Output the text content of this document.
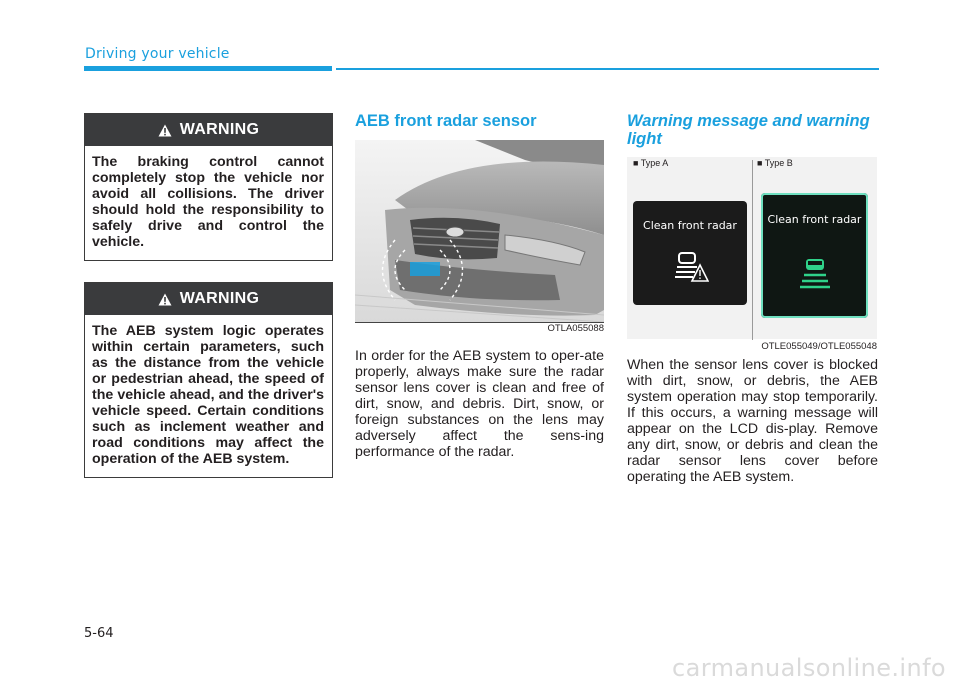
Driving your vehicle
WARNING
The braking control cannot completely stop the vehicle nor avoid all collisions. The driver should hold the responsibility to safely drive and control the vehicle.
WARNING
The AEB system logic operates within certain parameters, such as the distance from the vehicle or pedestrian ahead, the speed of the vehicle ahead, and the driver's vehicle speed. Certain conditions such as inclement weather and road conditions may affect the operation of the AEB system.
AEB front radar sensor
OTLA055088
In order for the AEB system to oper-ate properly, always make sure the radar sensor lens cover is clean and free of dirt, snow, and debris. Dirt, snow, or foreign substances on the lens may adversely affect the sens-ing performance of the radar.
Warning message and warning light
■ Type A	■ Type B
Clean front radar	Clean front radar
OTLE055049/OTLE055048
When the sensor lens cover is blocked with dirt, snow, or debris, the AEB system operation may stop temporarily. If this occurs, a warning message will appear on the LCD dis-play. Remove any dirt, snow, or debris and clean the radar sensor lens cover before operating the AEB system.
5-64
carmanualsonline.info
